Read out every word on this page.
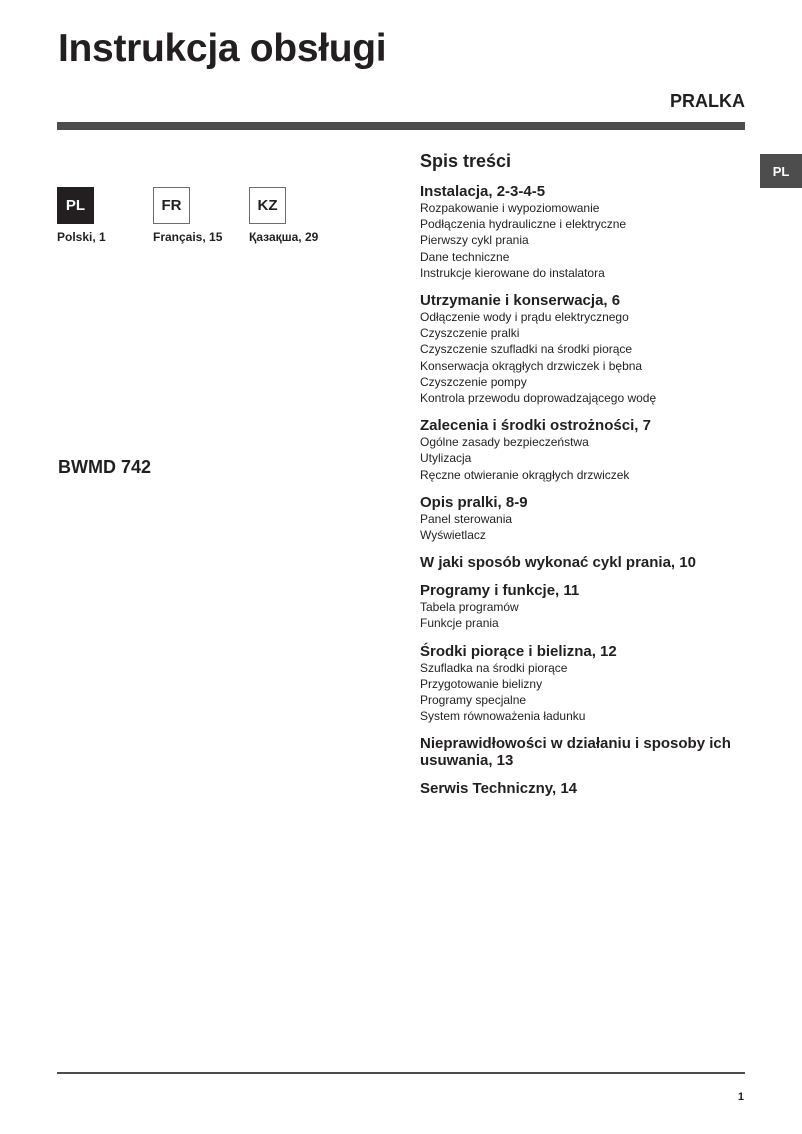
Instrukcja obsługi
PRALKA
PL
PL
Polski, 1
FR
Français, 15
KZ
Қазақша, 29
BWMD 742
Spis treści

Instalacja, 2-3-4-5

Rozpakowanie i wypoziomowanie

Podłączenia hydrauliczne i elektryczne

Pierwszy cykl prania

Dane techniczne

Instrukcje kierowane do instalatora

Utrzymanie i konserwacja, 6

Odłączenie wody i prądu elektrycznego

Czyszczenie pralki

Czyszczenie szufladki na środki piorące

Konserwacja okrągłych drzwiczek i bębna

Czyszczenie pompy

Kontrola przewodu doprowadzającego wodę

Zalecenia i środki ostrożności, 7

Ogólne zasady bezpieczeństwa

Utylizacja

Ręczne otwieranie okrągłych drzwiczek

Opis pralki, 8-9

Panel sterowania

Wyświetlacz

W jaki sposób wykonać cykl prania, 10

Programy i funkcje, 11

Tabela programów

Funkcje prania

Środki piorące i bielizna, 12

Szufladka na środki piorące

Przygotowanie bielizny

Programy specjalne

System równoważenia ładunku

Nieprawidłowości w działaniu i sposoby ich usuwania, 13

Serwis Techniczny, 14

1
